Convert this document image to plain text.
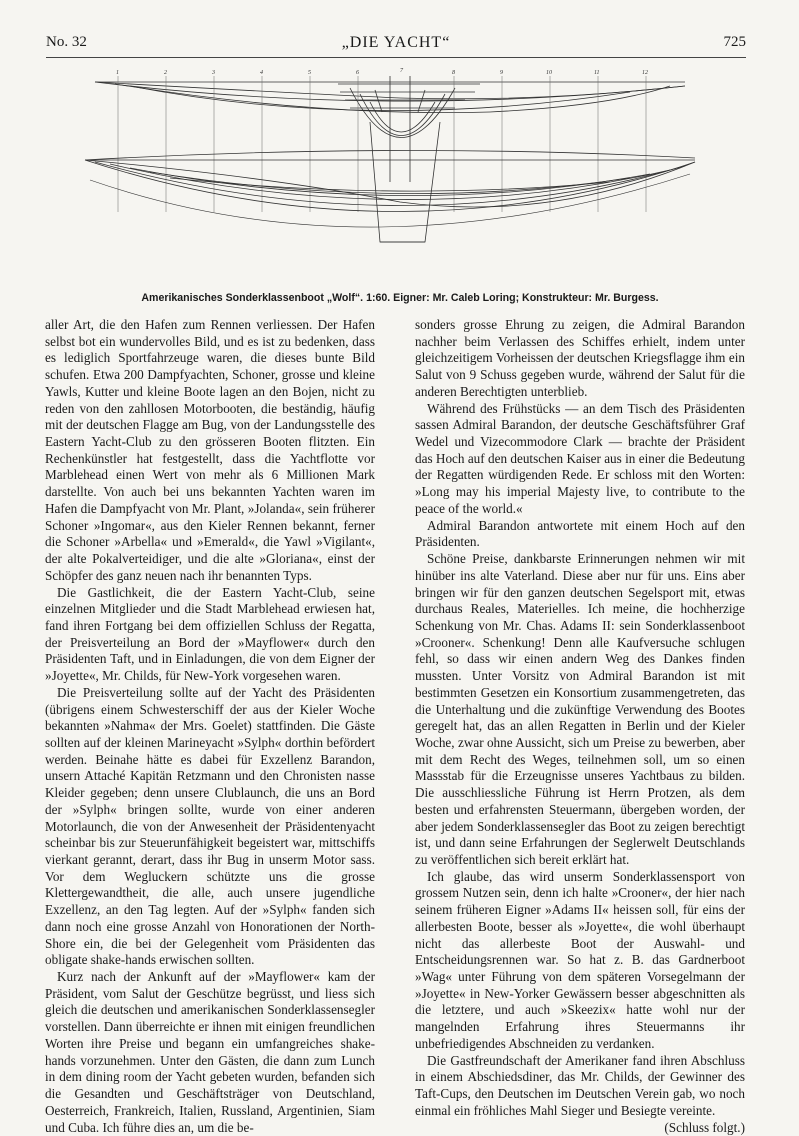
No. 32	„DIE YACHT“	725
1	2	3	4	5	6	7	8	9	10	11	12
Amerikanisches Sonderklassenboot „Wolf“. 1:60. Eigner: Mr. Caleb Loring; Konstrukteur: Mr. Burgess.

aller Art, die den Hafen zum Rennen verliessen. Der Hafen selbst bot ein wundervolles Bild, und es ist zu bedenken, dass es lediglich Sportfahrzeuge waren, die dieses bunte Bild schufen. Etwa 200 Dampfyachten, Schoner, grosse und kleine Yawls, Kutter und kleine Boote lagen an den Bojen, nicht zu reden von den zahllosen Motorbooten, die beständig, häufig mit der deutschen Flagge am Bug, von der Landungsstelle des Eastern Yacht-Club zu den grösseren Booten flitzten. Ein Rechenkünstler hat festgestellt, dass die Yachtflotte vor Marblehead einen Wert von mehr als 6 Millionen Mark darstellte. Von auch bei uns bekannten Yachten waren im Hafen die Dampfyacht von Mr. Plant, »Jolanda«, sein früherer Schoner »Ingomar«, aus den Kieler Rennen bekannt, ferner die Schoner »Arbella« und »Emerald«, die Yawl »Vigilant«, der alte Pokalverteidiger, und die alte »Gloriana«, einst der Schöpfer des ganz neuen nach ihr benannten Typs.

Die Gastlichkeit, die der Eastern Yacht-Club, seine einzelnen Mitglieder und die Stadt Marblehead erwiesen hat, fand ihren Fortgang bei dem offiziellen Schluss der Regatta, der Preisverteilung an Bord der »Mayflower« durch den Präsidenten Taft, und in Einladungen, die von dem Eigner der »Joyette«, Mr. Childs, für New-York vorgesehen waren.

Die Preisverteilung sollte auf der Yacht des Präsidenten (übrigens einem Schwesterschiff der aus der Kieler Woche bekannten »Nahma« der Mrs. Goelet) stattfinden. Die Gäste sollten auf der kleinen Marineyacht »Sylph« dorthin befördert werden. Beinahe hätte es dabei für Exzellenz Barandon, unsern Attaché Kapitän Retzmann und den Chronisten nasse Kleider gegeben; denn unsere Clublaunch, die uns an Bord der »Sylph« bringen sollte, wurde von einer anderen Motorlaunch, die von der Anwesenheit der Präsidentenyacht scheinbar bis zur Steuerunfähigkeit begeistert war, mittschiffs vierkant gerannt, derart, dass ihr Bug in unserm Motor sass. Vor dem Wegluckern schützte uns die grosse Klettergewandtheit, die alle, auch unsere jugendliche Exzellenz, an den Tag legten. Auf der »Sylph« fanden sich dann noch eine grosse Anzahl von Honorationen der North-Shore ein, die bei der Gelegenheit vom Präsidenten das obligate shake-hands erwischen sollten.

Kurz nach der Ankunft auf der »Mayflower« kam der Präsident, vom Salut der Geschütze begrüsst, und liess sich gleich die deutschen und amerikanischen Sonderklassensegler vorstellen. Dann überreichte er ihnen mit einigen freundlichen Worten ihre Preise und begann ein umfangreiches shake-hands vorzunehmen. Unter den Gästen, die dann zum Lunch in dem dining room der Yacht gebeten wurden, befanden sich die Gesandten und Geschäftsträger von Deutschland, Oesterreich, Frankreich, Italien, Russland, Argentinien, Siam und Cuba. Ich führe dies an, um die be-

sonders grosse Ehrung zu zeigen, die Admiral Barandon nachher beim Verlassen des Schiffes erhielt, indem unter gleichzeitigem Vorheissen der deutschen Kriegsflagge ihm ein Salut von 9 Schuss gegeben wurde, während der Salut für die anderen Berechtigten unterblieb.

Während des Frühstücks — an dem Tisch des Präsidenten sassen Admiral Barandon, der deutsche Geschäftsführer Graf Wedel und Vizecommodore Clark — brachte der Präsident das Hoch auf den deutschen Kaiser aus in einer die Bedeutung der Regatten würdigenden Rede. Er schloss mit den Worten: »Long may his imperial Majesty live, to contribute to the peace of the world.«

Admiral Barandon antwortete mit einem Hoch auf den Präsidenten.

Schöne Preise, dankbarste Erinnerungen nehmen wir mit hinüber ins alte Vaterland. Diese aber nur für uns. Eins aber bringen wir für den ganzen deutschen Segelsport mit, etwas durchaus Reales, Materielles. Ich meine, die hochherzige Schenkung von Mr. Chas. Adams II: sein Sonderklassenboot »Crooner«. Schenkung! Denn alle Kaufversuche schlugen fehl, so dass wir einen andern Weg des Dankes finden mussten. Unter Vorsitz von Admiral Barandon ist mit bestimmten Gesetzen ein Konsortium zusammengetreten, das die Unterhaltung und die zukünftige Verwendung des Bootes geregelt hat, das an allen Regatten in Berlin und der Kieler Woche, zwar ohne Aussicht, sich um Preise zu bewerben, aber mit dem Recht des Weges, teilnehmen soll, um so einen Massstab für die Erzeugnisse unseres Yachtbaus zu bilden. Die ausschliessliche Führung ist Herrn Protzen, als dem besten und erfahrensten Steuermann, übergeben worden, der aber jedem Sonderklassensegler das Boot zu zeigen berechtigt ist, und dann seine Erfahrungen der Seglerwelt Deutschlands zu veröffentlichen sich bereit erklärt hat.

Ich glaube, das wird unserm Sonderklassensport von grossem Nutzen sein, denn ich halte »Crooner«, der hier nach seinem früheren Eigner »Adams II« heissen soll, für eins der allerbesten Boote, besser als »Joyette«, die wohl überhaupt nicht das allerbeste Boot der Auswahl- und Entscheidungsrennen war. So hat z. B. das Gardnerboot »Wag« unter Führung von dem späteren Vorsegelmann der »Joyette« in New-Yorker Gewässern besser abgeschnitten als die letztere, und auch »Skeezix« hatte wohl nur der mangelnden Erfahrung ihres Steuermanns ihr unbefriedigendes Abschneiden zu verdanken.

Die Gastfreundschaft der Amerikaner fand ihren Abschluss in einem Abschiedsdiner, das Mr. Childs, der Gewinner des Taft-Cups, den Deutschen im Deutschen Verein gab, wo noch einmal ein fröhliches Mahl Sieger und Besiegte vereinte.

(Schluss folgt.)
